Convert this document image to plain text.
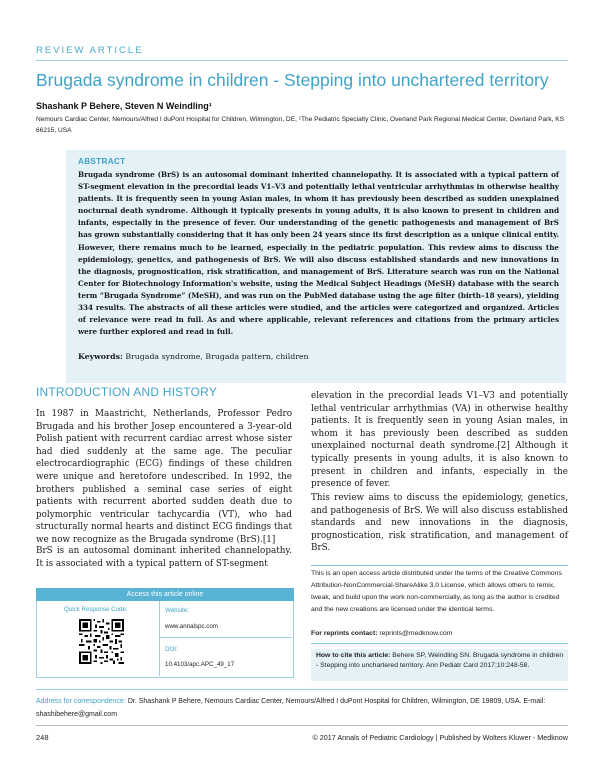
REVIEW ARTICLE
Brugada syndrome in children - Stepping into unchartered territory
Shashank P Behere, Steven N Weindling¹
Nemours Cardiac Center, Nemours/Alfred I duPont Hospital for Children, Wilmington, DE, ¹The Pediatric Specialty Clinic, Overland Park Regional Medical Center, Overland Park, KS 66215, USA
ABSTRACT
Brugada syndrome (BrS) is an autosomal dominant inherited channelopathy. It is associated with a typical pattern of ST-segment elevation in the precordial leads V1–V3 and potentially lethal ventricular arrhythmias in otherwise healthy patients. It is frequently seen in young Asian males, in whom it has previously been described as sudden unexplained nocturnal death syndrome. Although it typically presents in young adults, it is also known to present in children and infants, especially in the presence of fever. Our understanding of the genetic pathogenesis and management of BrS has grown substantially considering that it has only been 24 years since its first description as a unique clinical entity. However, there remains much to be learned, especially in the pediatric population. This review aims to discuss the epidemiology, genetics, and pathogenesis of BrS. We will also discuss established standards and new innovations in the diagnosis, prognostication, risk stratification, and management of BrS. Literature search was run on the National Center for Biotechnology Information's website, using the Medical Subject Headings (MeSH) database with the search term “Brugada Syndrome” (MeSH), and was run on the PubMed database using the age filter (birth–18 years), yielding 334 results. The abstracts of all these articles were studied, and the articles were categorized and organized. Articles of relevance were read in full. As and where applicable, relevant references and citations from the primary articles were further explored and read in full.
Keywords: Brugada syndrome, Brugada pattern, children
INTRODUCTION AND HISTORY

In 1987 in Maastricht, Netherlands, Professor Pedro Brugada and his brother Josep encountered a 3-year-old Polish patient with recurrent cardiac arrest whose sister had died suddenly at the same age. The peculiar electrocardiographic (ECG) findings of these children were unique and heretofore undescribed. In 1992, the brothers published a seminal case series of eight patients with recurrent aborted sudden death due to polymorphic ventricular tachycardia (VT), who had structurally normal hearts and distinct ECG findings that we now recognize as the Brugada syndrome (BrS).[1]

BrS is an autosomal dominant inherited channelopathy. It is associated with a typical pattern of ST-segment

elevation in the precordial leads V1–V3 and potentially lethal ventricular arrhythmias (VA) in otherwise healthy patients. It is frequently seen in young Asian males, in whom it has previously been described as sudden unexplained nocturnal death syndrome.[2] Although it typically presents in young adults, it is also known to present in children and infants, especially in the presence of fever.

This review aims to discuss the epidemiology, genetics, and pathogenesis of BrS. We will also discuss established standards and new innovations in the diagnosis, prognostication, risk stratification, and management of BrS.

Access this article online
Quick Response Code:	Website:
www.annalspc.com
DOI:
10.4103/apc.APC_49_17
This is an open access article distributed under the terms of the Creative Commons Attribution-NonCommercial-ShareAlike 3.0 License, which allows others to remix, tweak, and build upon the work non-commercially, as long as the author is credited and the new creations are licensed under the identical terms.
For reprints contact: reprints@medknow.com
How to cite this article: Behere SP, Weindling SN. Brugada syndrome in children - Stepping into unchartered territory. Ann Pediatr Card 2017;10:248-58.
Address for correspondence: Dr. Shashank P Behere, Nemours Cardiac Center, Nemours/Alfred I duPont Hospital for Children, Wilmington, DE 19809, USA. E-mail: shashibehere@gmail.com
248	© 2017 Annals of Pediatric Cardiology | Published by Wolters Kluwer - Medknow
